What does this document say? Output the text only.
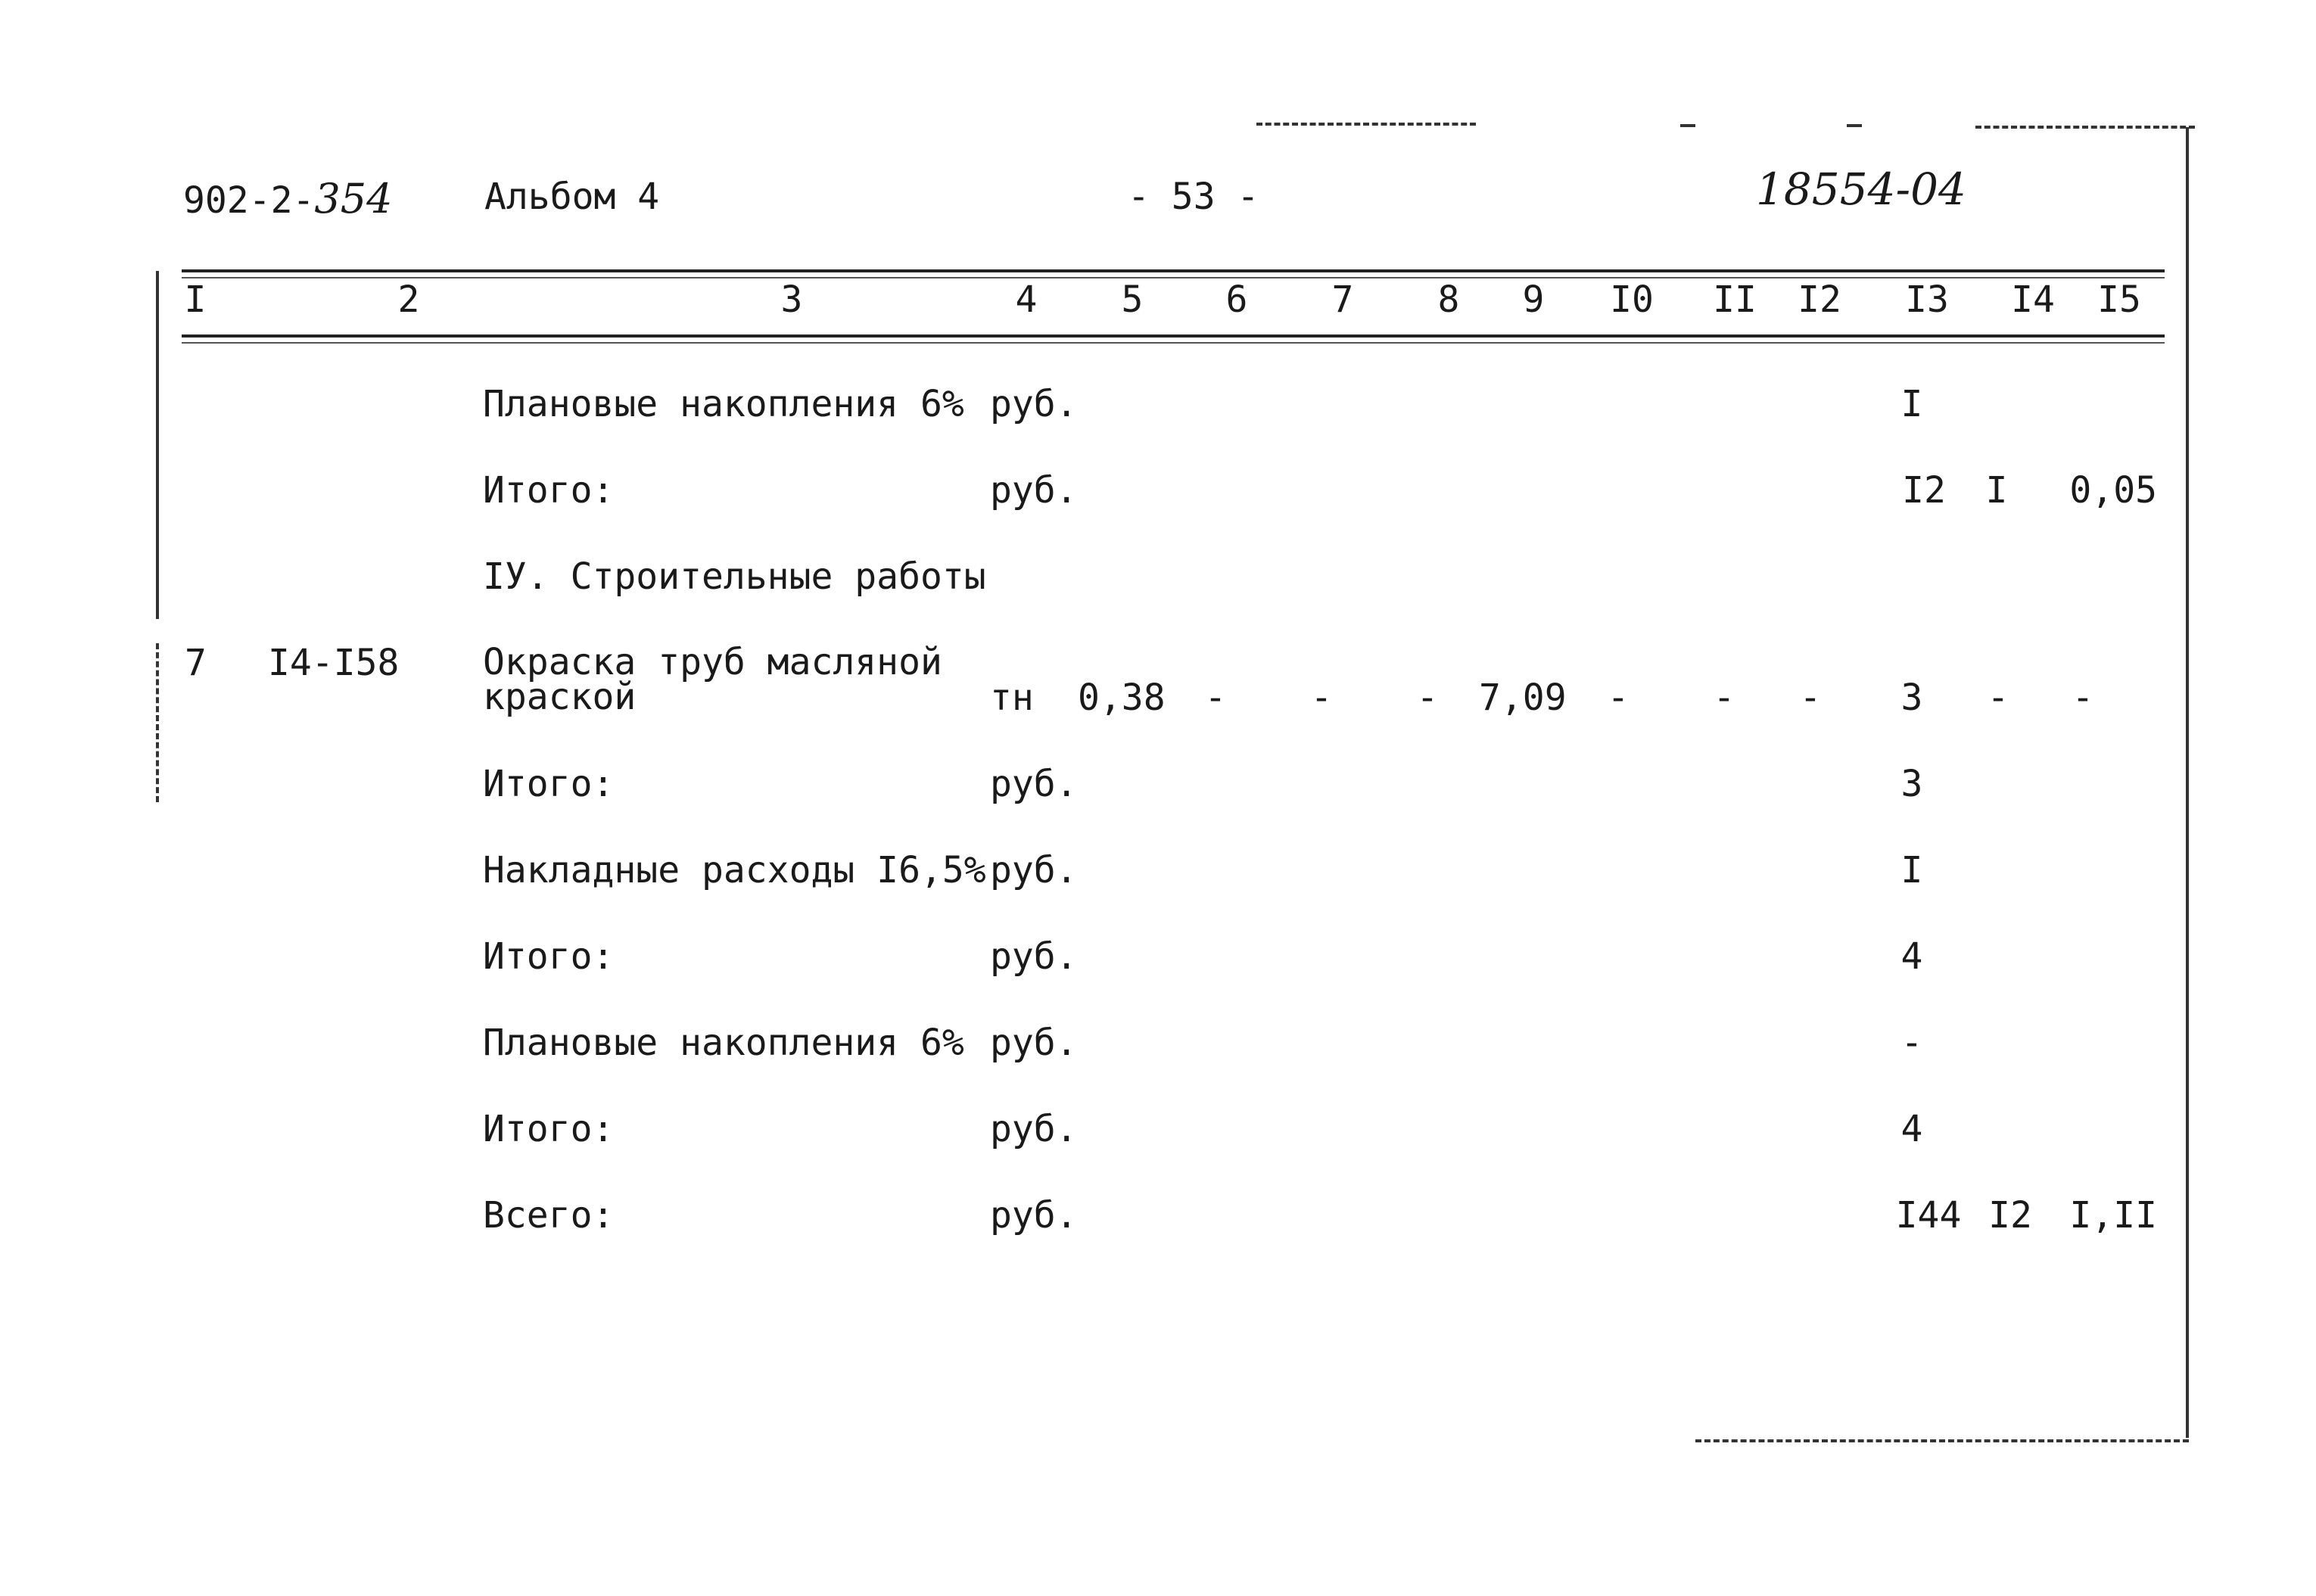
902-2-354	Альбом 4	- 53 -	18554-04
I	2	3	4 5 6 7 8 9 I0 II I2 I3 I4 I5
Плановые накопления 6% руб.	I
Итого:	руб.	I2 I 0,05
IУ. Строительные работы
7 I4-I58 Окраска труб масляной
краской	тн 0,38 - - - 7,09 - - - 3 - -
Итого:	руб.	3
Накладные расходы I6,5% руб.	I
Итого:	руб.	4
Плановые накопления 6% руб.	-
Итого:	руб.	4
Всего:	руб.	I44 I2 I,II
